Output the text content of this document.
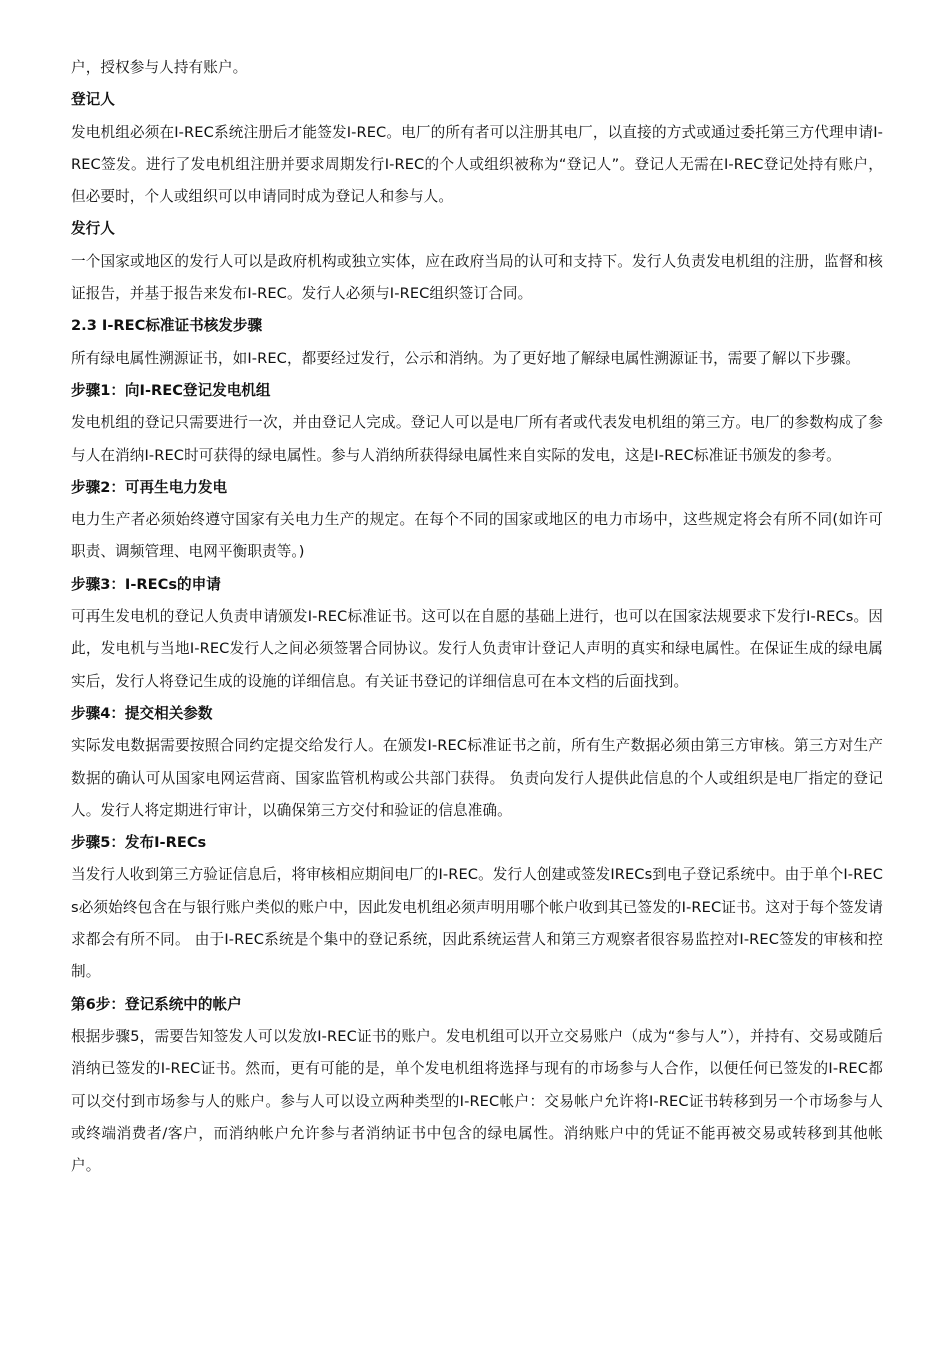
户，授权参与人持有账户。

登记人

发电机组必须在I-REC系统注册后才能签发I-REC。电厂的所有者可以注册其电厂，以直接的方式或通过委托第三方代理申请I-REC签发。进行了发电机组注册并要求周期发行I-REC的个人或组织被称为“登记人”。登记人无需在I-REC登记处持有账户，但必要时，个人或组织可以申请同时成为登记人和参与人。

发行人

一个国家或地区的发行人可以是政府机构或独立实体，应在政府当局的认可和支持下。发行人负责发电机组的注册，监督和核证报告，并基于报告来发布I-REC。发行人必须与I-REC组织签订合同。

2.3 I-REC标准证书核发步骤

所有绿电属性溯源证书，如I-REC，都要经过发行，公示和消纳。为了更好地了解绿电属性溯源证书，需要了解以下步骤。

步骤1：向I-REC登记发电机组

发电机组的登记只需要进行一次，并由登记人完成。登记人可以是电厂所有者或代表发电机组的第三方。电厂的参数构成了参与人在消纳I-REC时可获得的绿电属性。参与人消纳所获得绿电属性来自实际的发电，这是I-REC标准证书颁发的参考。

步骤2：可再生电力发电

电力生产者必须始终遵守国家有关电力生产的规定。在每个不同的国家或地区的电力市场中，这些规定将会有所不同(如许可职责、调频管理、电网平衡职责等。)

步骤3：I-RECs的申请

可再生发电机的登记人负责申请颁发I-REC标准证书。这可以在自愿的基础上进行，也可以在国家法规要求下发行I-RECs。因此，发电机与当地I-REC发行人之间必须签署合同协议。发行人负责审计登记人声明的真实和绿电属性。在保证生成的绿电属实后，发行人将登记生成的设施的详细信息。有关证书登记的详细信息可在本文档的后面找到。

步骤4：提交相关参数

实际发电数据需要按照合同约定提交给发行人。在颁发I-REC标准证书之前，所有生产数据必须由第三方审核。第三方对生产数据的确认可从国家电网运营商、国家监管机构或公共部门获得。 负责向发行人提供此信息的个人或组织是电厂指定的登记人。发行人将定期进行审计，以确保第三方交付和验证的信息准确。

步骤5：发布I-RECs

当发行人收到第三方验证信息后，将审核相应期间电厂的I-REC。发行人创建或签发IRECs到电子登记系统中。由于单个I-RECs必须始终包含在与银行账户类似的账户中，因此发电机组必须声明用哪个帐户收到其已签发的I-REC证书。这对于每个签发请求都会有所不同。 由于I-REC系统是个集中的登记系统，因此系统运营人和第三方观察者很容易监控对I-REC签发的审核和控制。

第6步：登记系统中的帐户

根据步骤5，需要告知签发人可以发放I-REC证书的账户。发电机组可以开立交易账户（成为“参与人”），并持有、交易或随后消纳已签发的I-REC证书。然而，更有可能的是，单个发电机组将选择与现有的市场参与人合作，以便任何已签发的I-REC都可以交付到市场参与人的账户。参与人可以设立两种类型的I-REC帐户：交易帐户允许将I-REC证书转移到另一个市场参与人或终端消费者/客户，而消纳帐户允许参与者消纳证书中包含的绿电属性。消纳账户中的凭证不能再被交易或转移到其他帐户。
